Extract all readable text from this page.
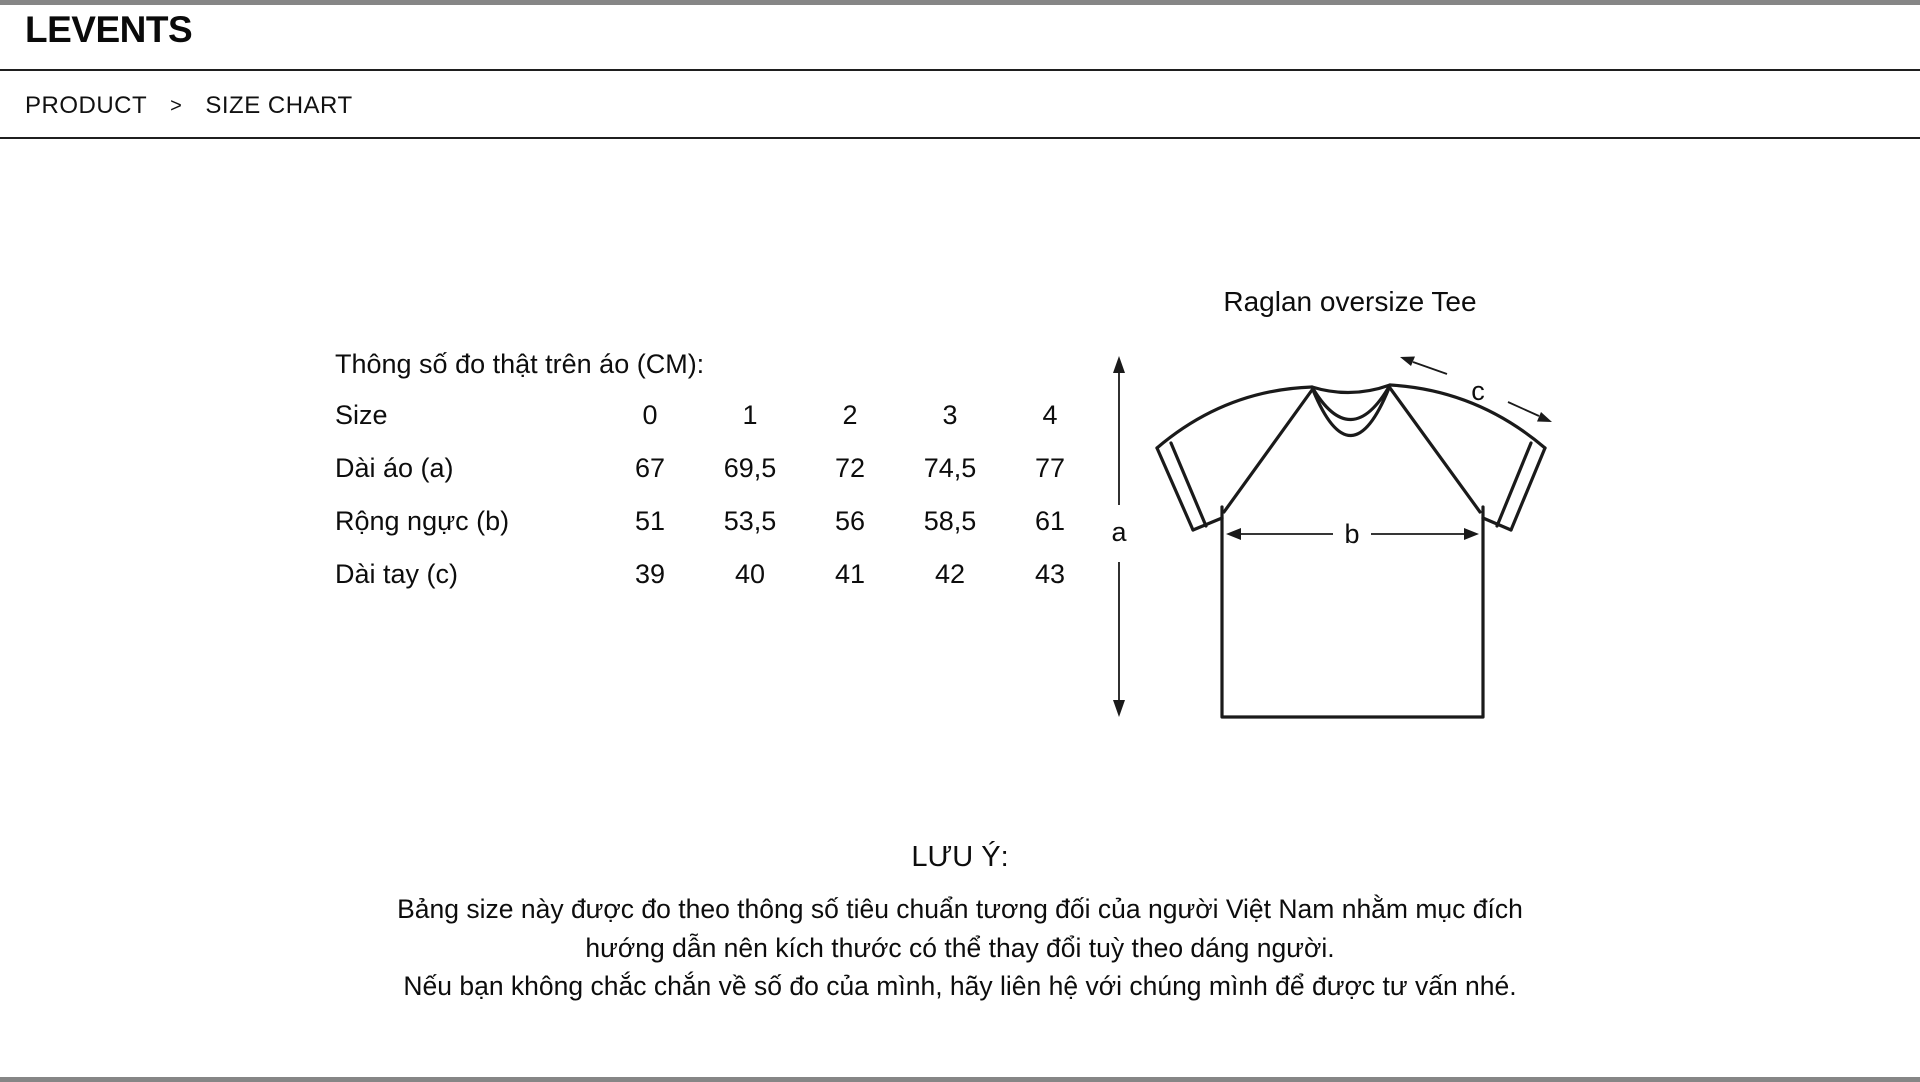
LEVENTS
PRODUCT > SIZE CHART
Thông số đo thật trên áo (CM):
Size	0	1	2	3	4
Dài áo (a)	67	69,5	72	74,5	77
Rộng ngực (b)	51	53,5	56	58,5	61
Dài tay (c)	39	40	41	42	43
Raglan oversize Tee
a	b
c
LƯU Ý:
Bảng size này được đo theo thông số tiêu chuẩn tương đối của người Việt Nam nhằm mục đích
hướng dẫn nên kích thước có thể thay đổi tuỳ theo dáng người.
Nếu bạn không chắc chắn về số đo của mình, hãy liên hệ với chúng mình để được tư vấn nhé.
